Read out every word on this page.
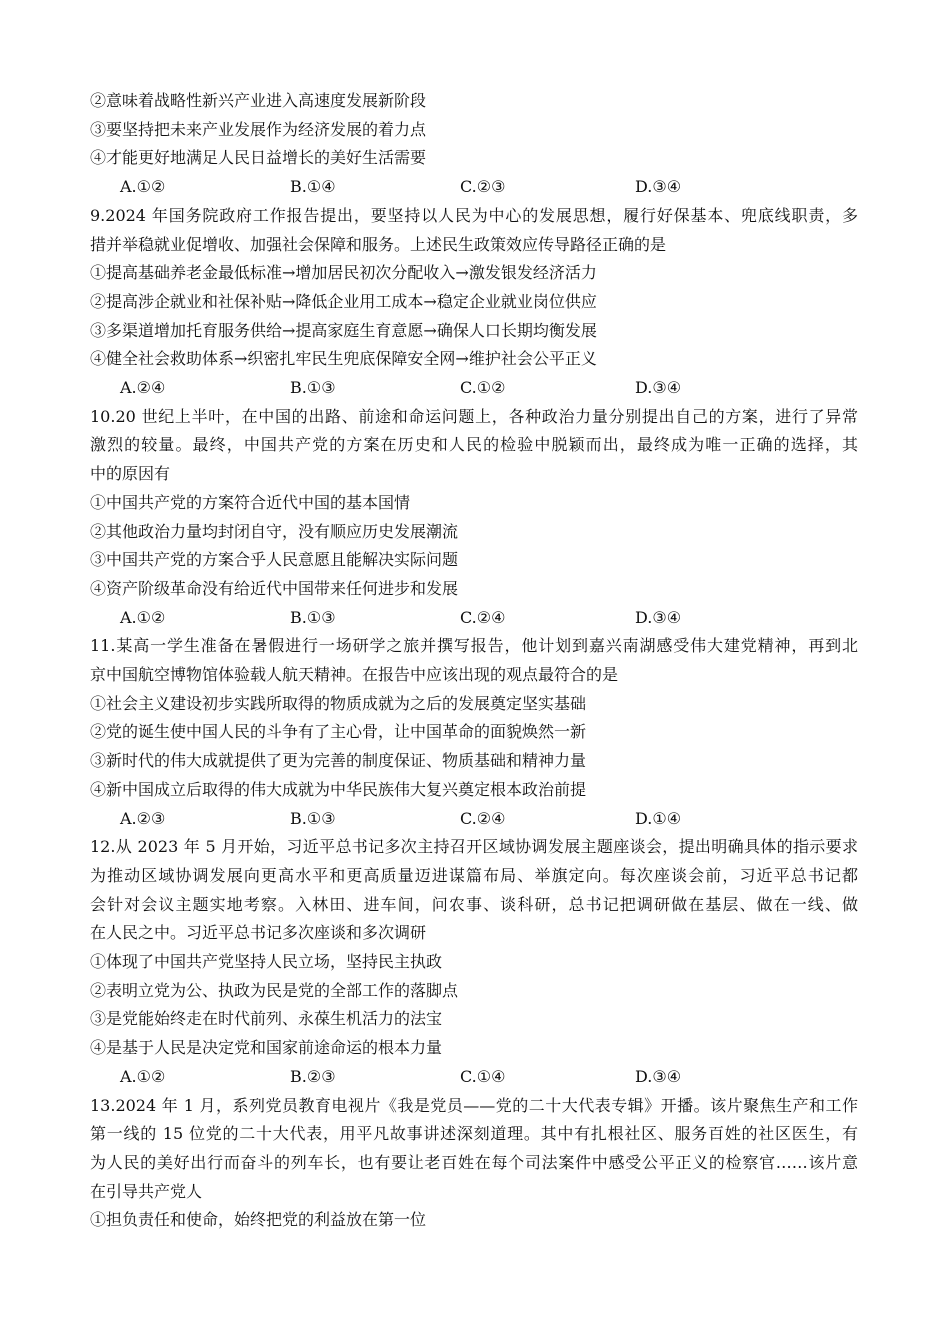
②意味着战略性新兴产业进入高速度发展新阶段
③要坚持把未来产业发展作为经济发展的着力点
④才能更好地满足人民日益增长的美好生活需要
A.①②	B.①④	C.②③	D.③④
9.2024 年国务院政府工作报告提出，要坚持以人民为中心的发展思想，履行好保基本、兜底线职责，多
措并举稳就业促增收、加强社会保障和服务。上述民生政策效应传导路径正确的是
①提高基础养老金最低标准→增加居民初次分配收入→激发银发经济活力
②提高涉企就业和社保补贴→降低企业用工成本→稳定企业就业岗位供应
③多渠道增加托育服务供给→提高家庭生育意愿→确保人口长期均衡发展
④健全社会救助体系→织密扎牢民生兜底保障安全网→维护社会公平正义
A.②④	B.①③	C.①②	D.③④
10.20 世纪上半叶，在中国的出路、前途和命运问题上，各种政治力量分别提出自己的方案，进行了异常
激烈的较量。最终，中国共产党的方案在历史和人民的检验中脱颖而出，最终成为唯一正确的选择，其
中的原因有
①中国共产党的方案符合近代中国的基本国情
②其他政治力量均封闭自守，没有顺应历史发展潮流
③中国共产党的方案合乎人民意愿且能解决实际问题
④资产阶级革命没有给近代中国带来任何进步和发展
A.①②	B.①③	C.②④	D.③④
11.某高一学生准备在暑假进行一场研学之旅并撰写报告，他计划到嘉兴南湖感受伟大建党精神，再到北
京中国航空博物馆体验载人航天精神。在报告中应该出现的观点最符合的是
①社会主义建设初步实践所取得的物质成就为之后的发展奠定坚实基础
②党的诞生使中国人民的斗争有了主心骨，让中国革命的面貌焕然一新
③新时代的伟大成就提供了更为完善的制度保证、物质基础和精神力量
④新中国成立后取得的伟大成就为中华民族伟大复兴奠定根本政治前提
A.②③	B.①③	C.②④	D.①④
12.从 2023 年 5 月开始，习近平总书记多次主持召开区域协调发展主题座谈会，提出明确具体的指示要求
为推动区域协调发展向更高水平和更高质量迈进谋篇布局、举旗定向。每次座谈会前，习近平总书记都
会针对会议主题实地考察。入林田、进车间，问农事、谈科研，总书记把调研做在基层、做在一线、做
在人民之中。习近平总书记多次座谈和多次调研
①体现了中国共产党坚持人民立场，坚持民主执政
②表明立党为公、执政为民是党的全部工作的落脚点
③是党能始终走在时代前列、永葆生机活力的法宝
④是基于人民是决定党和国家前途命运的根本力量
A.①②	B.②③	C.①④	D.③④
13.2024 年 1 月，系列党员教育电视片《我是党员——党的二十大代表专辑》开播。该片聚焦生产和工作
第一线的 15 位党的二十大代表，用平凡故事讲述深刻道理。其中有扎根社区、服务百姓的社区医生，有
为人民的美好出行而奋斗的列车长，也有要让老百姓在每个司法案件中感受公平正义的检察官……该片意
在引导共产党人
①担负责任和使命，始终把党的利益放在第一位
